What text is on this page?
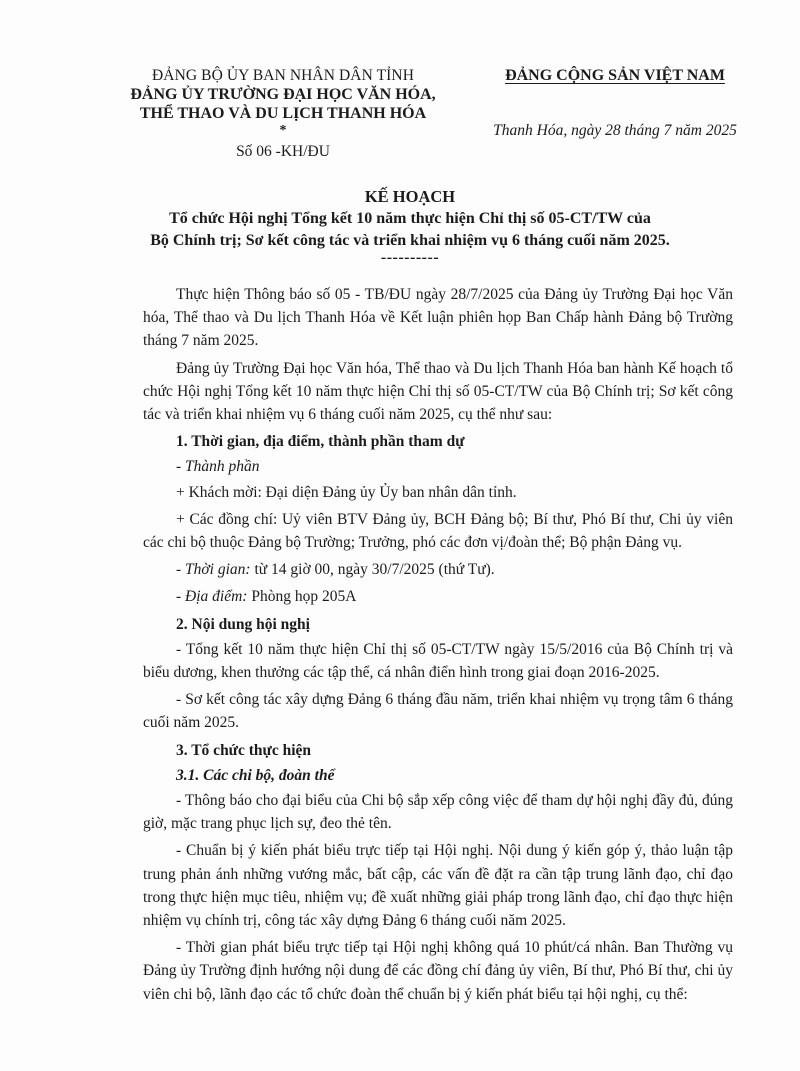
ĐẢNG BỘ ỦY BAN NHÂN DÂN TỈNH
ĐẢNG ỦY TRƯỜNG ĐẠI HỌC VĂN HÓA,
THỂ THAO VÀ DU LỊCH THANH HÓA
*
Số 06 -KH/ĐU
ĐẢNG CỘNG SẢN VIỆT NAM
Thanh Hóa, ngày 28 tháng 7 năm 2025
KẾ HOẠCH
Tổ chức Hội nghị Tổng kết 10 năm thực hiện Chỉ thị số 05-CT/TW của
Bộ Chính trị; Sơ kết công tác và triển khai nhiệm vụ 6 tháng cuối năm 2025.
----------

Thực hiện Thông báo số 05 - TB/ĐU ngày 28/7/2025 của Đảng ủy Trường Đại học Văn hóa, Thể thao và Du lịch Thanh Hóa về Kết luận phiên họp Ban Chấp hành Đảng bộ Trường tháng 7 năm 2025.

Đảng ủy Trường Đại học Văn hóa, Thể thao và Du lịch Thanh Hóa ban hành Kế hoạch tổ chức Hội nghị Tổng kết 10 năm thực hiện Chỉ thị số 05-CT/TW của Bộ Chính trị; Sơ kết công tác và triển khai nhiệm vụ 6 tháng cuối năm 2025, cụ thể như sau:

1. Thời gian, địa điểm, thành phần tham dự

- Thành phần

+ Khách mời: Đại diện Đảng ủy Ủy ban nhân dân tỉnh.

+ Các đồng chí: Uỷ viên BTV Đảng ủy, BCH Đảng bộ; Bí thư, Phó Bí thư, Chi ủy viên các chi bộ thuộc Đảng bộ Trường; Trưởng, phó các đơn vị/đoàn thể; Bộ phận Đảng vụ.

- Thời gian: từ 14 giờ 00, ngày 30/7/2025 (thứ Tư).

- Địa điểm: Phòng họp 205A

2. Nội dung hội nghị

- Tổng kết 10 năm thực hiện Chỉ thị số 05-CT/TW ngày 15/5/2016 của Bộ Chính trị và biểu dương, khen thưởng các tập thể, cá nhân điển hình trong giai đoạn 2016-2025.

- Sơ kết công tác xây dựng Đảng 6 tháng đầu năm, triển khai nhiệm vụ trọng tâm 6 tháng cuối năm 2025.

3. Tổ chức thực hiện

3.1. Các chi bộ, đoàn thể

- Thông báo cho đại biểu của Chi bộ sắp xếp công việc để tham dự hội nghị đầy đủ, đúng giờ, mặc trang phục lịch sự, đeo thẻ tên.

- Chuẩn bị ý kiến phát biểu trực tiếp tại Hội nghị. Nội dung ý kiến góp ý, thảo luận tập trung phản ánh những vướng mắc, bất cập, các vấn đề đặt ra cần tập trung lãnh đạo, chỉ đạo trong thực hiện mục tiêu, nhiệm vụ; đề xuất những giải pháp trong lãnh đạo, chỉ đạo thực hiện nhiệm vụ chính trị, công tác xây dựng Đảng 6 tháng cuối năm 2025.

- Thời gian phát biểu trực tiếp tại Hội nghị không quá 10 phút/cá nhân. Ban Thường vụ Đảng ủy Trường định hướng nội dung để các đồng chí đảng ủy viên, Bí thư, Phó Bí thư, chi ủy viên chi bộ, lãnh đạo các tổ chức đoàn thể chuẩn bị ý kiến phát biểu tại hội nghị, cụ thể:
